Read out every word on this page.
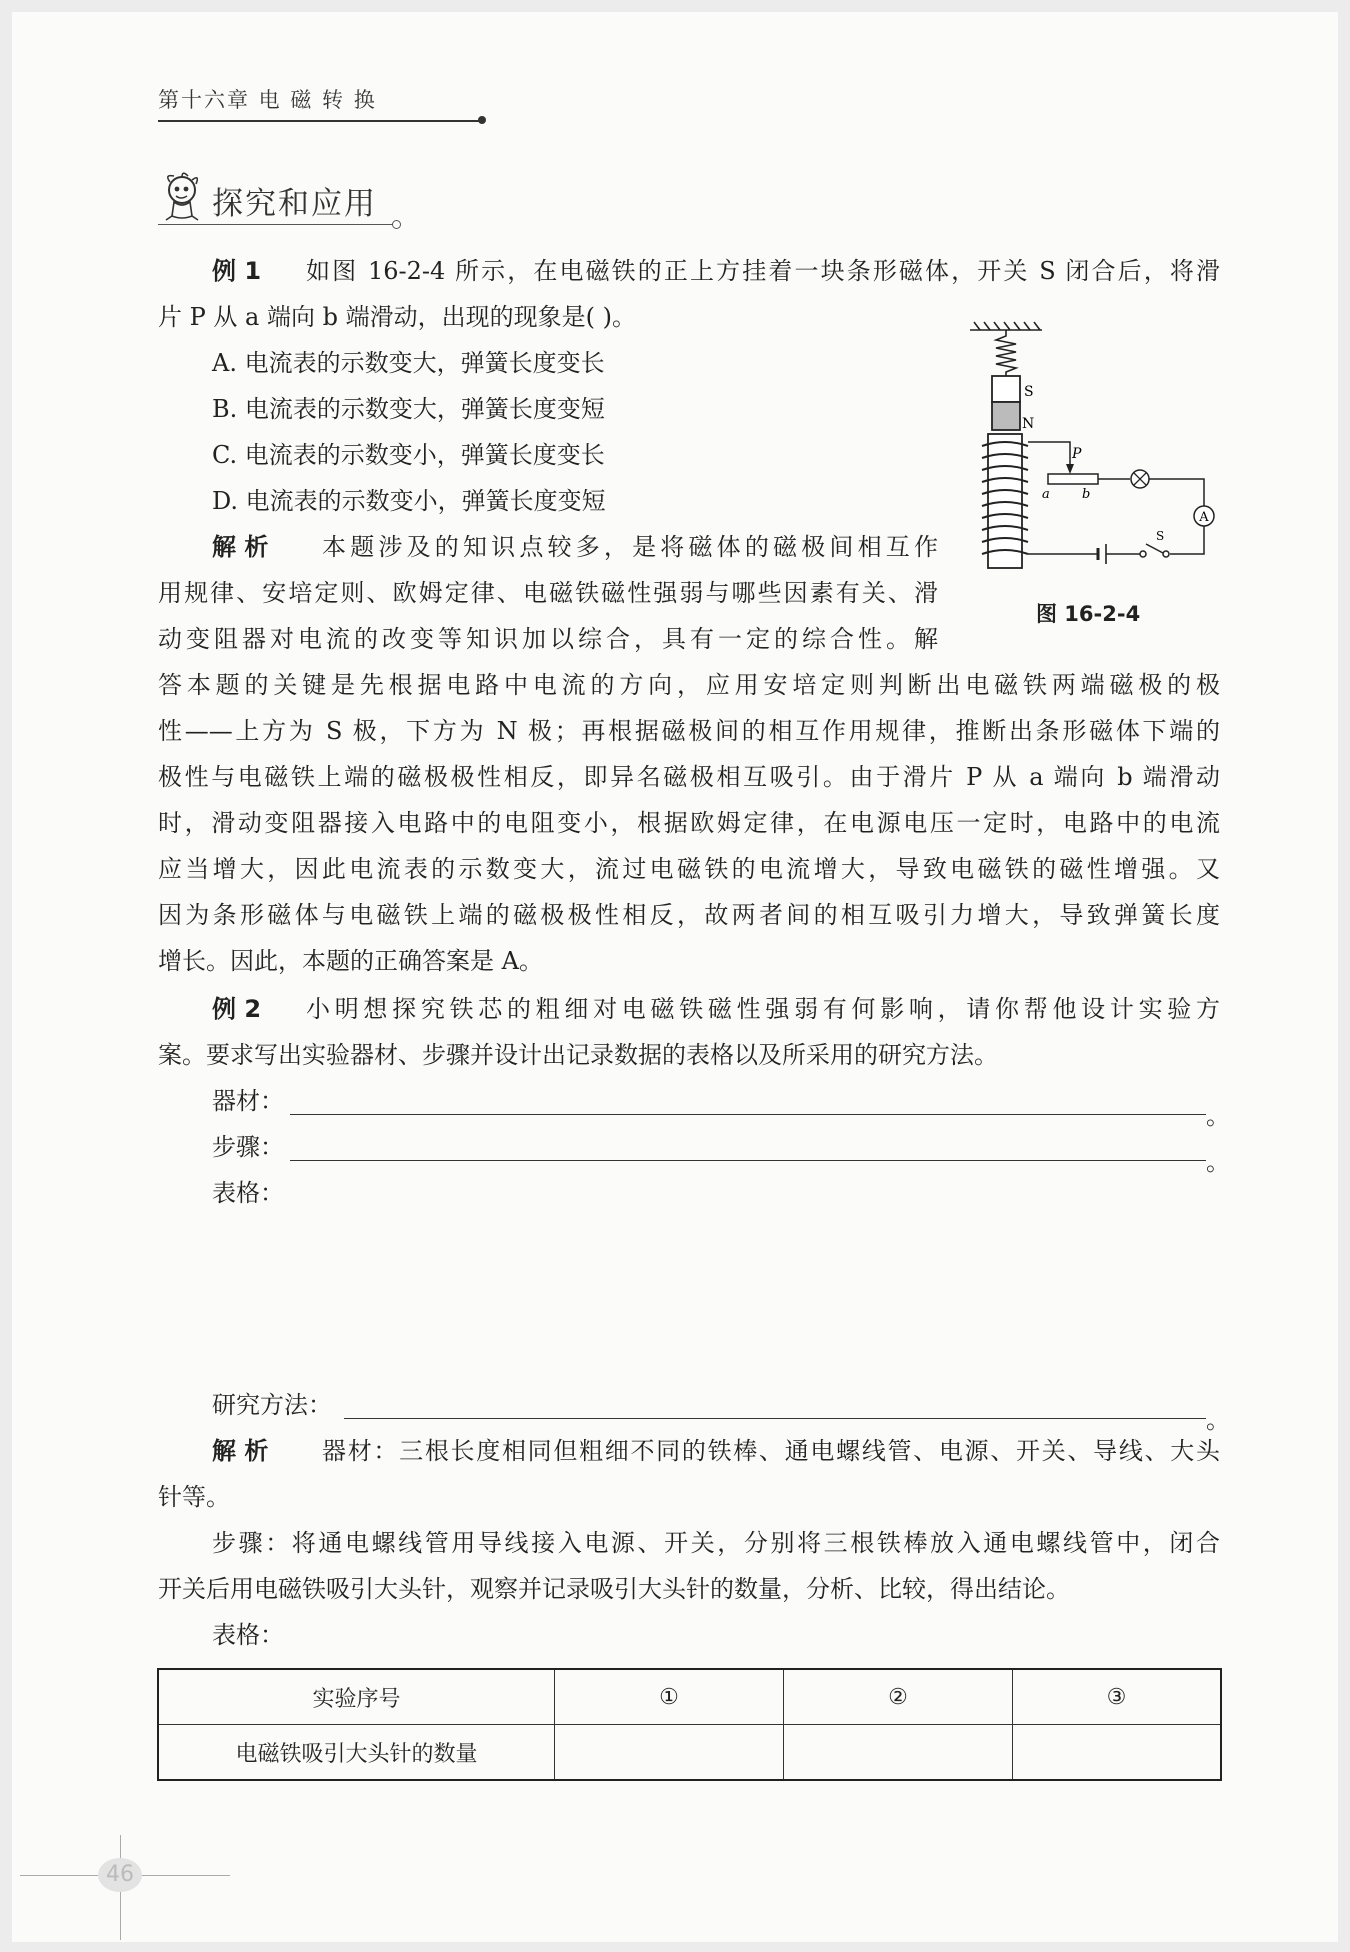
第十六章 电 磁 转 换
探究和应用
例 1 如图 16-2-4 所示，在电磁铁的正上方挂着一块条形磁体，开关 S 闭合后，将滑
片 P 从 a 端向 b 端滑动，出现的现象是( )。
A. 电流表的示数变大，弹簧长度变长
B. 电流表的示数变大，弹簧长度变短
C. 电流表的示数变小，弹簧长度变长
D. 电流表的示数变小，弹簧长度变短
解 析 本题涉及的知识点较多，是将磁体的磁极间相互作
用规律、安培定则、欧姆定律、电磁铁磁性强弱与哪些因素有关、滑
动变阻器对电流的改变等知识加以综合，具有一定的综合性。解
答本题的关键是先根据电路中电流的方向，应用安培定则判断出电磁铁两端磁极的极
性——上方为 S 极，下方为 N 极；再根据磁极间的相互作用规律，推断出条形磁体下端的
极性与电磁铁上端的磁极极性相反，即异名磁极相互吸引。由于滑片 P 从 a 端向 b 端滑动
时，滑动变阻器接入电路中的电阻变小，根据欧姆定律，在电源电压一定时，电路中的电流
应当增大，因此电流表的示数变大，流过电磁铁的电流增大，导致电磁铁的磁性增强。又
因为条形磁体与电磁铁上端的磁极极性相反，故两者间的相互吸引力增大，导致弹簧长度
增长。因此，本题的正确答案是 A。
S
N
P
a b
A
S
图 16-2-4
例 2 小明想探究铁芯的粗细对电磁铁磁性强弱有何影响，请你帮他设计实验方
案。要求写出实验器材、步骤并设计出记录数据的表格以及所采用的研究方法。
器材：
。
步骤：
。
表格：
研究方法：
。
解 析 器材：三根长度相同但粗细不同的铁棒、通电螺线管、电源、开关、导线、大头
针等。
步骤：将通电螺线管用导线接入电源、开关，分别将三根铁棒放入通电螺线管中，闭合
开关后用电磁铁吸引大头针，观察并记录吸引大头针的数量，分析、比较，得出结论。
表格：
实验序号	①	②	③
电磁铁吸引大头针的数量			
46
